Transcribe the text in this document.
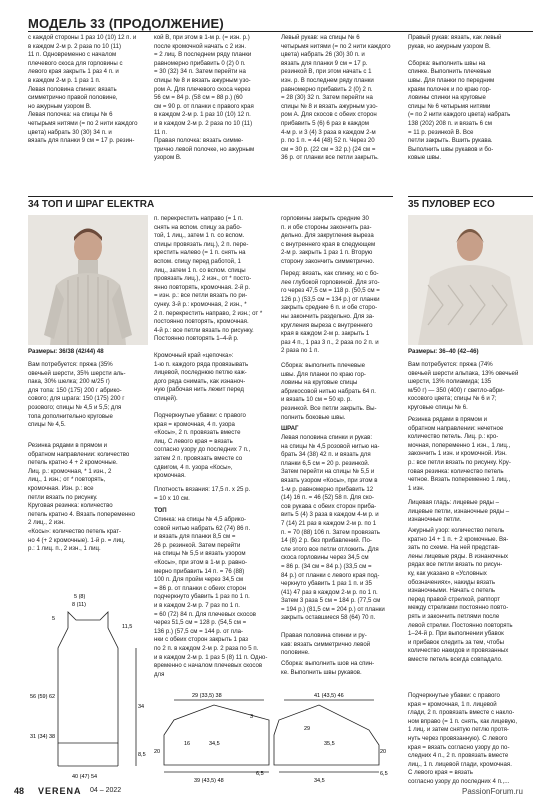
МОДЕЛЬ 33 (ПРОДОЛЖЕНИЕ)
с каждой стороны 1 раз 10 (10) 12 п. и
в каждом 2-м р. 2 раза по 10 (11)
11 п. Одновременно с началом
плечевого скоса для горловины с
левого края закрыть 1 раз 4 п. и
в каждом 2-м р. 1 раз 1 п.
Левая половина спинки: вязать
симметрично правой половине,
но ажурным узором В.
Левая полочка: на спицы № 6
четырьмя нитями (= по 2 нити каждого
цвета) набрать 30 (30) 34 п. и
вязать для планки 9 см = 17 р. резин-
кой В, при этом в 1-м р. (= изн. р.)
после кромочной начать с 2 изн.
= 2 лиц. В последнем ряду планки
равномерно прибавить 0 (2) 0 п.
= 30 (32) 34 п. Затем перейти на
спицы № 8 и вязать ажурным узо-
ром А. Для плечевого скоса через
56 см = 84 р. (58 см = 88 р.) (60
см = 90 р. от планки с правого края
в каждом 2-м р. 1 раз 10 (10) 12 п.
и в каждом 2-м р. 2 раза по 10 (11)
11 п.
Правая полочка: вязать симме-
трично левой полочке, но ажурным
узором В.
Левый рукав: на спицы № 6
четырьмя нитями (= по 2 нити каждого
цвета) набрать 26 (30) 30 п. и
вязать для планки 9 см = 17 р.
резинкой В, при этом начать с 1
изн. р. В последнем ряду планки
равномерно прибавить 2 (0) 2 п.
= 28 (30) 32 п. Затем перейти на
спицы № 8 и вязать ажурным узо-
ром А. Для скосов с обеих сторон
прибавить 5 (6) 6 раз в каждом
4-м р. и 3 (4) 3 раза в каждом 2-м
р. по 1 п. = 44 (48) 52 п. Через 20
см = 30 р. (22 см = 32 р.) (24 см =
36 р. от планки все петли закрыть.
Правый рукав: вязать, как левый
рукав, но ажурным узором В.

Сборка: выполнить швы на
спинке. Выполнить плечевые
швы. Для планки по передним
краям полочек и по краю гор-
ловины спинки на круговые
спицы № 6 четырьмя нитями
(= по 2 нити каждого цвета) набрать
138 (202) 208 п. и вязать 6 см
= 11 р. резинкой В. Все
петли закрыть. Вшить рукава.
Выполнить швы рукавов и бо-
ковые швы.
34 ТОП И ШРАГ ELEKTRA	35 ПУЛОВЕР ECO
Размеры: 36/38 (42/44) 48
Вам потребуется: пряжа (35%
овечьей шерсти, 35% шерсти аль-
пака, 30% шелка; 200 м/25 г)
для топа: 150 (175) 200 г абрико-
сового; для шрага: 150 (175) 200 г
розового; спицы № 4,5 и 5,5; для
топа дополнительно круговые
спицы № 4,5.
Резинка рядами в прямом и
обратном направлении: количество
петель кратно 4 + 2 кромочные.
Лиц. р.: кромочная, * 1 изн., 2
лиц., 1 изн.; от * повторять,
кромочная. Изн. р.: все
петли вязать по рисунку.
Круговая резинка: количество
петель кратно 4. Вязать попеременно
2 лиц., 2 изн.
«Косы»: количество петель крат-
но 4 (+ 2 кромочные). 1-й р. = лиц.
р.: 1 лиц. п., 2 изн., 1 лиц.
п. перекрестить направо (= 1 п.
снять на вспом. спицу за рабо-
той, 1 лиц., затем 1 п. со вспом.
спицы провязать лиц.), 2 п. пере-
крестить налево (= 1 п. снять на
вспом. спицу перед работой, 1
лиц., затем 1 п. со вспом. спицы
провязать лиц.), 2 изн., от * посто-
янно повторять, кромочная. 2-й р.
= изн. р.: все петли вязать по ри-
сунку. 3-й р.: кромочная, 2 изн., *
2 п. перекрестить направо, 2 изн.; от *
постоянно повторять, кромочная.
4-й р.: все петли вязать по рисунку.
Постоянно повторять 1–4-й р.
Кромочный край «цепочка»:
1-ю п. каждого ряда провязывать
лицевой, последнюю петлю каж-
дого ряда снимать, как изнаноч-
ную (рабочая нить лежит перед
спицей).
Подчеркнутые убавки: с правого
края = кромочная, 4 п. узора
«Косы», 2 п. провязать вместе
лиц. С левого края = вязать
согласно узору до последних 7 п.,
затем 2 п. провязать вместе со
сдвигом, 4 п. узора «Косы»,
кромочная.
Плотность вязания: 17,5 п. x 25 р.
= 10 x 10 см.
ТОП
Спинка: на спицы № 4,5 абрико-
совой нитью набрать 62 (74) 86 п.
и вязать для планки 8,5 см =
26 р. резинкой. Затем перейти
на спицы № 5,5 и вязать узором
«Косы», при этом в 1-м р. равно-
мерно прибавить 14 п. = 76 (88)
100 п. Для пройм через 34,5 см
= 86 р. от планки с обеих сторон
подчеркнуто убавить 1 раз по 1 п.
и в каждом 2-м р. 7 раз по 1 п.
= 60 (72) 84 п. Для плечевых скосов
через 51,5 см = 128 р. (54,5 см =
136 р.) (57,5 см = 144 р. от пла-
нки с обеих сторон закрыть 1 раз
по 2 п. в каждом 2-м р. 2 раза по 5 п.
и в каждом 2-м р. 1 раз 5 (8) 11 п. Одно-
временно с началом плечевых скосов для
горловины закрыть средние 30
п. и обе стороны закончить раз-
дельно. Для закругления выреза
с внутреннего края в следующем
2-м р. закрыть 1 раз 1 п. Вторую
сторону закончить симметрично.
Перед: вязать, как спинку, но с бо-
лее глубокой горловиной. Для это-
го через 47,5 см = 118 р. (50,5 см =
126 р.) (53,5 см = 134 р.) от планки
закрыть средние 6 п. и обе сторо-
ны закончить раздельно. Для за-
кругления выреза с внутреннего
края в каждом 2-м р. закрыть 1
раз 4 п., 1 раз 3 п., 2 раза по 2 п. и
2 раза по 1 п.
Сборка: выполнить плечевые
швы. Для планки по краю гор-
ловины на круговые спицы
абрикосовой нитью набрать 64 п.
и вязать 10 см = 50 кр. р.
резинкой. Все петли закрыть. Вы-
полнить боковые швы.
ШРАГ
Левая половина спинки и рукав:
на спицы № 4,5 розовой нитью на-
брать 34 (38) 42 п. и вязать для
планки 6,5 см = 20 р. резинкой.
Затем перейти на спицы № 5,5 и
вязать узором «Косы», при этом в
1-м р. равномерно прибавить 12
(14) 16 п. = 46 (52) 58 п. Для ско-
сов рукава с обеих сторон приба-
вить 5 (4) 3 раза в каждом 4-м р. и
7 (14) 21 раз в каждом 2-м р. по 1
п. = 70 (88) 106 п. Затем провязать
14 (8) 2 р. без прибавлений. По-
сле этого все петли отложить. Для
скоса горловины через 34,5 см
= 86 р. (34 см = 84 р.) (33,5 см =
84 р.) от планки с левого края под-
черкнуто убавить 1 раз 1 п. и 35
(41) 47 раз в каждом 2-м р. по 1 п.
Затем 3 раза 5 см = 184 р. (77,5 см
= 194 р.) (81,5 см = 204 р.) от планки
закрыть оставшиеся 58 (64) 70 п.
Правая половина спинки и ру-
кав: вязать симметрично левой
половине.
Сборка: выполнить шов на спин-
ке. Выполнить швы рукавов.
Размеры: 36–40 (42–46)
Вам потребуется: пряжа (74%
овечьей шерсти альпака, 13% овечьей
шерсти, 13% полиамида; 135
м/50 г) — 350 (400) г светло-абри-
косового цвета; спицы № 6 и 7;
круговые спицы № 6.
Резинка рядами в прямом и
обратном направлении: нечетное
количество петель. Лиц. р.: кро-
мочная, попеременно 1 изн., 1 лиц.,
закончить 1 изн. и кромочной. Изн.
р.: все петли вязать по рисунку. Кру-
говая резинка: количество петель
четное. Вязать попеременно 1 лиц.,
1 изн.
Лицевая гладь: лицевые ряды –
лицевые петли, изнаночные ряды –
изнаночные петли.
Ажурный узор: количество петель
кратно 14 + 1 п. + 2 кромочные. Вя-
зать по схеме. На ней представ-
лены лицевые ряды. В изнаночных
рядах все петли вязать по рисун-
ку, как указано в «Условных
обозначениях», накиды вязать
изнаночными. Начать с петель
перед правой стрелкой, раппорт
между стрелками постоянно повто-
рять и закончить петлями после
левой стрелки. Постоянно повторять
1–24-й р. При выполнении убавок
и прибавок следить за тем, чтобы
количество накидов и провязанных
вместе петель всегда совпадало.
Подчеркнутые убавки: с правого
края = кромочная, 1 п. лицевой
глади, 2 п. провязать вместе с накло-
ном вправо (= 1 п. снять, как лицевую,
1 лиц. и затем снятую петлю протя-
нуть через провязанную). С левого
края = вязать согласно узору до по-
следних 4 п., 2 п. провязать вместе
лиц., 1 п. лицевой глади, кромочная.
С левого края = вязать
согласно узору до последних 4 п.,...
8 (11)
5 (8)
11,5
5
31 (34) 38
56 (59) 62
34
40 (47) 54
8,5
29 (33,5) 38
20
3
34,5
16
39 (43,5) 48
6,5
41 (43,5) 46
20
29
35,5
34,5
6,5
48 VERENA 04 – 2022	PassionForum.ru
